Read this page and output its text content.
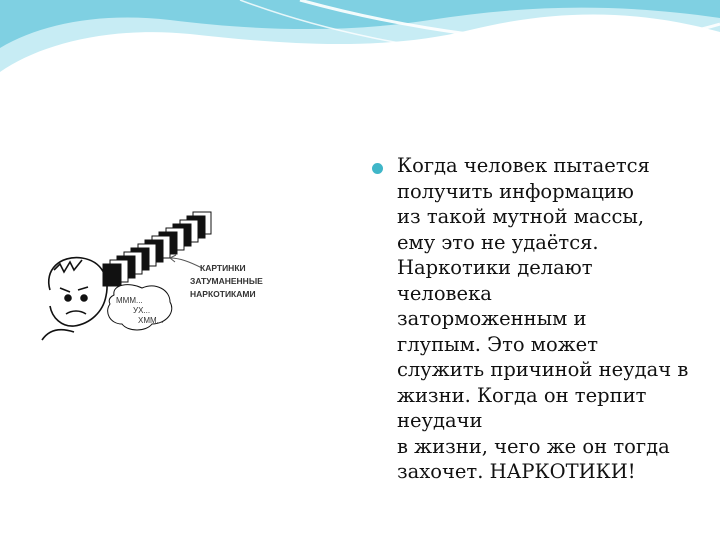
КАРТИНКИ
ЗАТУМАНЕННЫЕ
НАРКОТИКАМИ
МММ...
УХ...
ХММ...

Когда человек пытается
получить информацию
из такой мутной массы,
ему это не удаётся.
Наркотики делают
человека
заторможенным и
глупым. Это может
служить причиной неудач в
жизни. Когда он терпит неудачи
в жизни, чего же он тогда захочет. НАРКОТИКИ!
